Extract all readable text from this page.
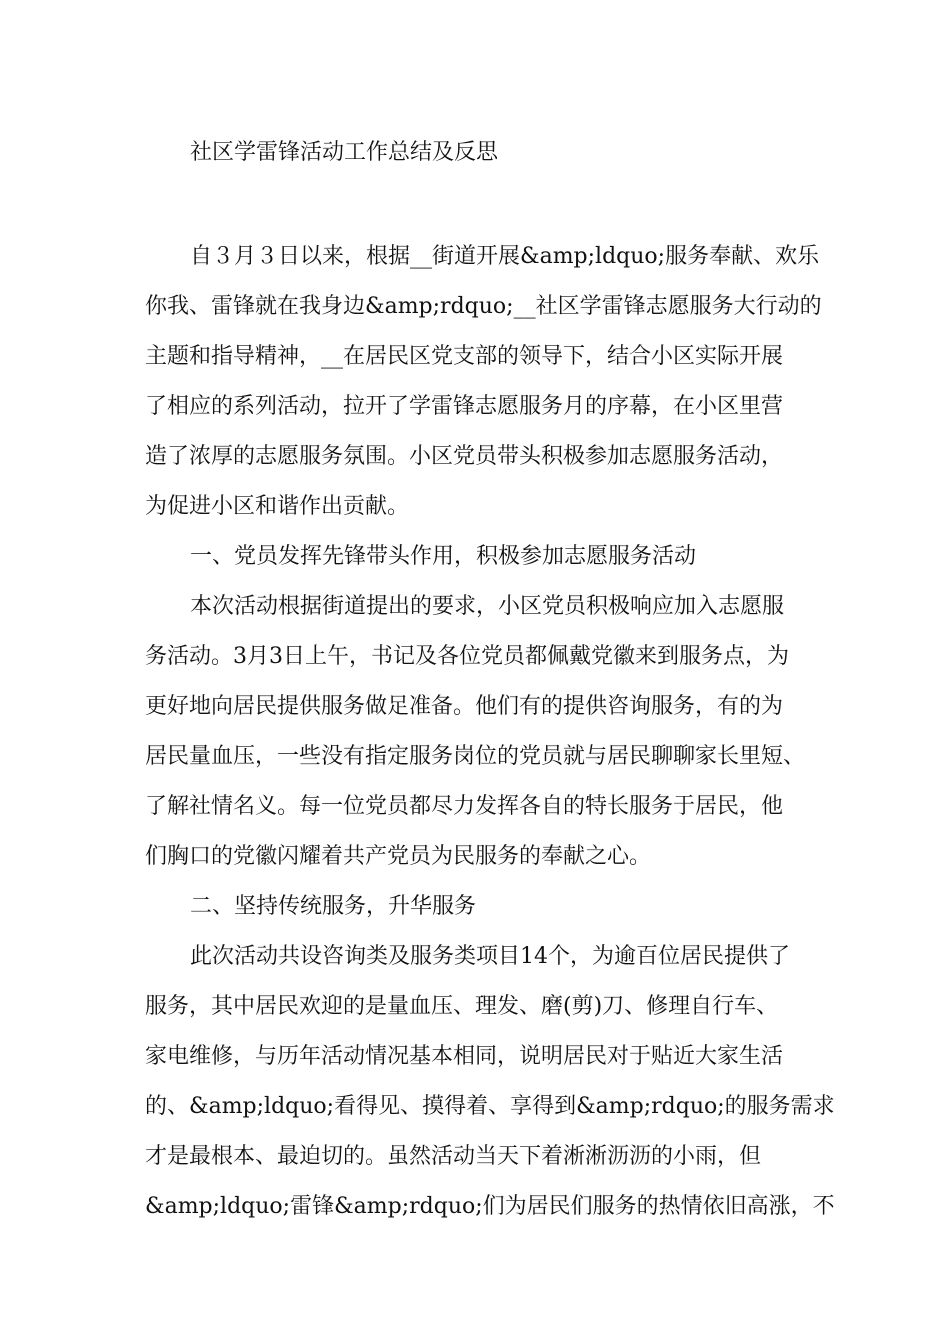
社区学雷锋活动工作总结及反思
自３月３日以来，根据__街道开展&amp;ldquo;服务奉献、欢乐
你我、雷锋就在我身边&amp;rdquo;__社区学雷锋志愿服务大行动的
主题和指导精神，__在居民区党支部的领导下，结合小区实际开展
了相应的系列活动，拉开了学雷锋志愿服务月的序幕，在小区里营
造了浓厚的志愿服务氛围。小区党员带头积极参加志愿服务活动，
为促进小区和谐作出贡献。
一、党员发挥先锋带头作用，积极参加志愿服务活动
本次活动根据街道提出的要求，小区党员积极响应加入志愿服
务活动。3月3日上午，书记及各位党员都佩戴党徽来到服务点，为
更好地向居民提供服务做足准备。他们有的提供咨询服务，有的为
居民量血压，一些没有指定服务岗位的党员就与居民聊聊家长里短、
了解社情名义。每一位党员都尽力发挥各自的特长服务于居民，他
们胸口的党徽闪耀着共产党员为民服务的奉献之心。
二、坚持传统服务，升华服务
此次活动共设咨询类及服务类项目14个，为逾百位居民提供了
服务，其中居民欢迎的是量血压、理发、磨(剪)刀、修理自行车、
家电维修，与历年活动情况基本相同，说明居民对于贴近大家生活
的、&amp;ldquo;看得见、摸得着、享得到&amp;rdquo;的服务需求
才是最根本、最迫切的。虽然活动当天下着淅淅沥沥的小雨，但
&amp;ldquo;雷锋&amp;rdquo;们为居民们服务的热情依旧高涨，不
